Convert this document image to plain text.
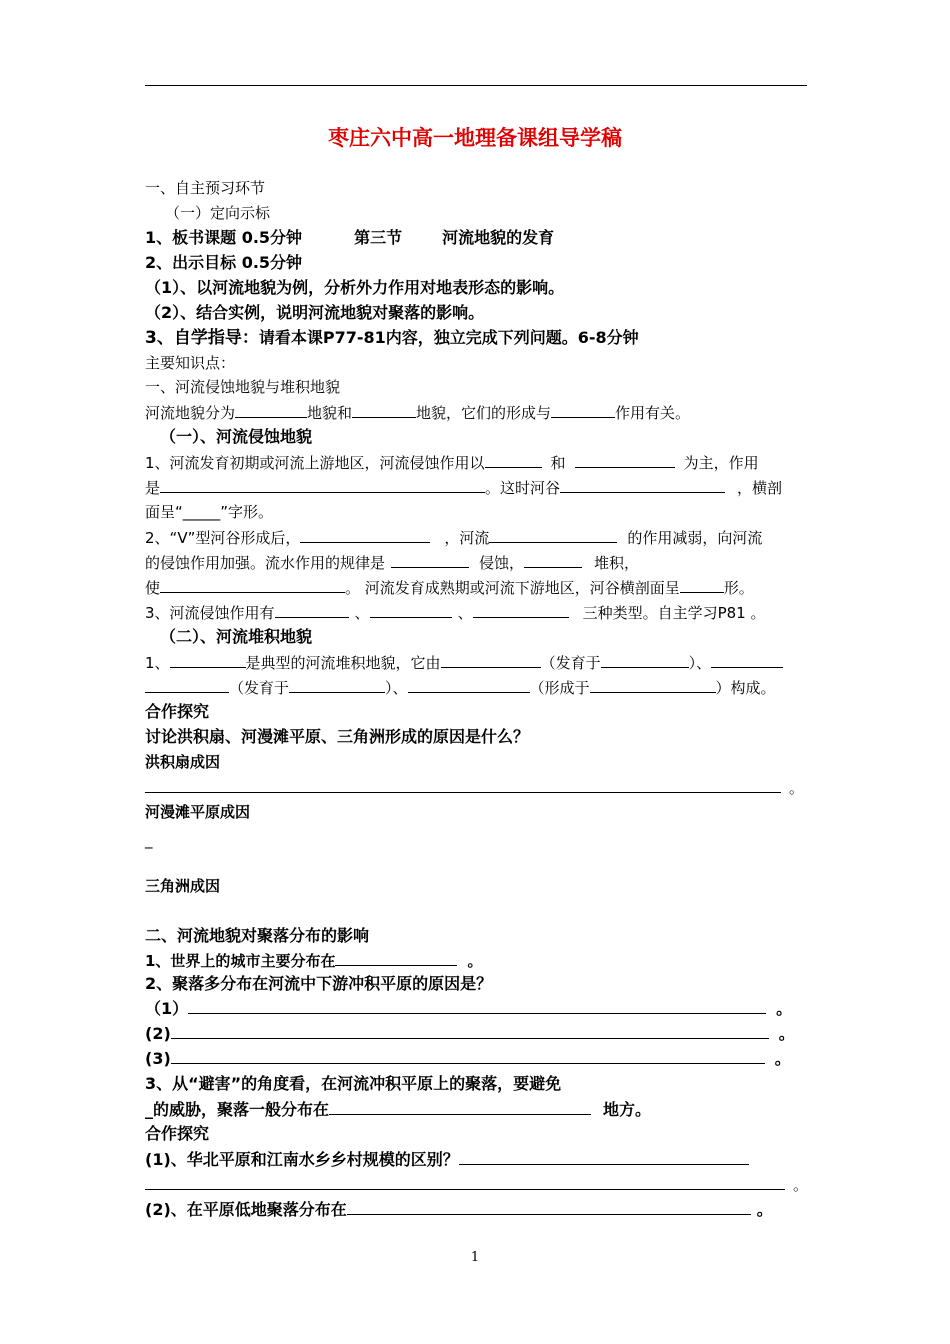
枣庄六中高一地理备课组导学稿
一、自主预习环节
（一）定向示标
1、板书课题 0.5分钟	第三节	河流地貌的发育
2、出示目标 0.5分钟
（1）、以河流地貌为例，分析外力作用对地表形态的影响。
（2）、结合实例，说明河流地貌对聚落的影响。
3、自学指导：请看本课P77-81内容，独立完成下列问题。6-8分钟
主要知识点：
一、河流侵蚀地貌与堆积地貌
河流地貌分为	地貌和	地貌，它们的形成与	作用有关。
（一）、河流侵蚀地貌
1、河流发育初期或河流上游地区，河流侵蚀作用以	和	为主，作用
是	。这时河谷	，横剖
面呈“_____”字形。
2、“V”型河谷形成后，	，河流	的作用减弱，向河流
的侵蚀作用加强。流水作用的规律是	侵蚀，	堆积，
使	。 河流发育成熟期或河流下游地区，河谷横剖面呈	形。
3、河流侵蚀作用有	、	、	三种类型。自主学习P81 。
（二）、河流堆积地貌
1、	是典型的河流堆积地貌，它由	（发育于	）、
（发育于	）、	（形成于	）构成。
合作探究
讨论洪积扇、河漫滩平原、三角洲形成的原因是什么？
洪积扇成因
。
河漫滩平原成因
_
三角洲成因
二、河流地貌对聚落分布的影响
1、世界上的城市主要分布在	。
2、聚落多分布在河流中下游冲积平原的原因是？
（1）	。
(2)	。
(3)	。
3、从“避害”的角度看，在河流冲积平原上的聚落，要避免
_的威胁，聚落一般分布在	地方。
合作探究
(1)、华北平原和江南水乡乡村规模的区别？
。
(2)、在平原低地聚落分布在	。
1
